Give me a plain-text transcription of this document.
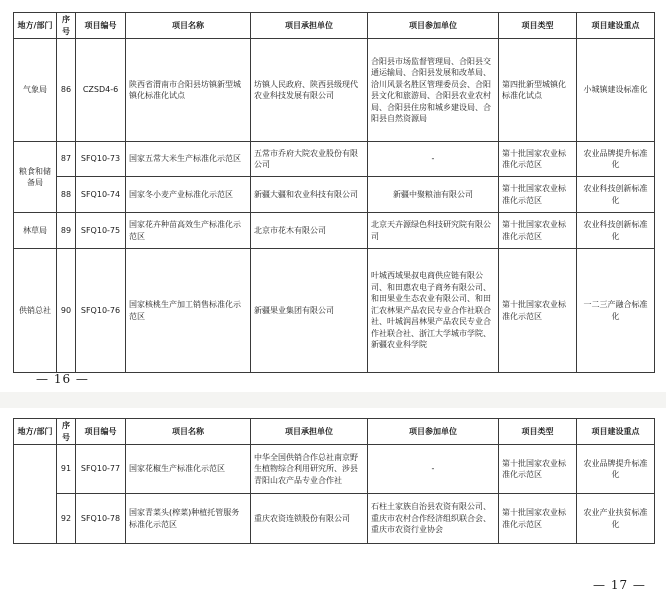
地方/部门	序号	项目编号	项目名称	项目承担单位	项目参加单位	项目类型	项目建设重点
气象局	86	CZSD4-6	陕西省渭南市合阳县坊镇新型城镇化标准化试点	坊镇人民政府、陕西县级现代农业科技发展有限公司	合阳县市场监督管理局、合阳县交通运输局、合阳县发展和改革局、洽川风景名胜区管理委员会、合阳县文化和旅游局、合阳县农业农村局、合阳县住房和城乡建设局、合阳县自然资源局	第四批新型城镇化标准化试点	小城镇建设标准化
粮食和储备局	87	SFQ10-73	国家五常大米生产标准化示范区	五常市乔府大院农业股份有限公司	-	第十批国家农业标准化示范区	农业品牌提升标准化
	88	SFQ10-74	国家冬小麦产业标准化示范区	新疆大疆和农业科技有限公司	新疆中聚粮油有限公司	第十批国家农业标准化示范区	农业科技创新标准化
林草局	89	SFQ10-75	国家花卉种苗高效生产标准化示范区	北京市花木有限公司	北京天卉源绿色科技研究院有限公司	第十批国家农业标准化示范区	农业科技创新标准化
供销总社	90	SFQ10-76	国家核桃生产加工销售标准化示范区	新疆果业集团有限公司	叶城西域果叔电商供应链有限公司、和田惠农电子商务有限公司、和田果业生态农业有限公司、和田汇农林果产品农民专业合作社联合社、叶城润昌林果产品农民专业合作社联合社、浙江大学城市学院、新疆农业科学院	第十批国家农业标准化示范区	一二三产融合标准化
— 16 —
地方/部门	序号	项目编号	项目名称	项目承担单位	项目参加单位	项目类型	项目建设重点
	91	SFQ10-77	国家花椒生产标准化示范区	中华全国供销合作总社南京野生植物综合利用研究所、涉县青阳山农产品专业合作社	-	第十批国家农业标准化示范区	农业品牌提升标准化
	92	SFQ10-78	国家青菜头(榨菜)种植托管服务标准化示范区	重庆农资连锁股份有限公司	石柱土家族自治县农资有限公司、重庆市农村合作经济组织联合会、重庆市农资行业协会	第十批国家农业标准化示范区	农业产业扶贫标准化
— 17 —
